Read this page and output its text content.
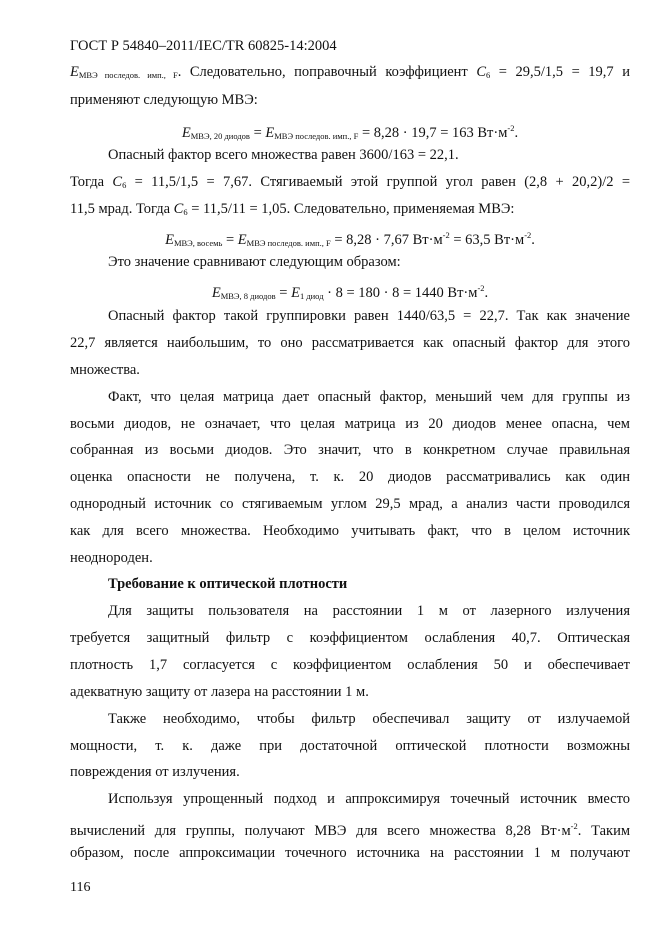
ГОСТ Р 54840–2011/IEC/TR 60825-14:2004
EМВЭ последов. имп., F. Следовательно, поправочный коэффициент C6 = 29,5/1,5 = 19,7 и
применяют следующую МВЭ:
EМВЭ, 20 диодов = EМВЭ последов. имп., F = 8,28 · 19,7 = 163 $Вт\cdot м^{-2}$.
Опасный фактор всего множества равен 3600/163 = 22,1.
Тогда C6 = 11,5/1,5 = 7,67. Стягиваемый этой группой угол равен (2,8 + 20,2)/2 =
11,5 мрад. Тогда C6 = 11,5/11 = 1,05. Следовательно, применяемая МВЭ:
EМВЭ, восемь = EМВЭ последов. имп., F = 8,28 · 7,67 $Вт\cdot м^{-2} = 63,5$ $Вт\cdot м^{-2}$.
Это значение сравнивают следующим образом:
EМВЭ, 8 диодов = E1 диод · 8 = 180 · 8 = 1440 $Вт\cdot м^{-2}$.
Опасный фактор такой группировки равен 1440/63,5 = 22,7. Так как значение
22,7 является наибольшим, то оно рассматривается как опасный фактор для этого
множества.
Факт, что целая матрица дает опасный фактор, меньший чем для группы из
восьми диодов, не означает, что целая матрица из 20 диодов менее опасна, чем
собранная из восьми диодов. Это значит, что в конкретном случае правильная
оценка опасности не получена, т. к. 20 диодов рассматривались как один
однородный источник со стягиваемым углом 29,5 мрад, а анализ части проводился
как для всего множества. Необходимо учитывать факт, что в целом источник
неоднороден.
Требование к оптической плотности
Для защиты пользователя на расстоянии 1 м от лазерного излучения
требуется защитный фильтр с коэффициентом ослабления 40,7. Оптическая
плотность 1,7 согласуется с коэффициентом ослабления 50 и обеспечивает
адекватную защиту от лазера на расстоянии 1 м.
Также необходимо, чтобы фильтр обеспечивал защиту от излучаемой
мощности, т. к. даже при достаточной оптической плотности возможны
повреждения от излучения.
Используя упрощенный подход и аппроксимируя точечный источник вместо
вычислений для группы, получают МВЭ для всего множества 8,28 $Вт\cdot м^{-2}$. Таким
образом, после аппроксимации точечного источника на расстоянии 1 м получают
116
